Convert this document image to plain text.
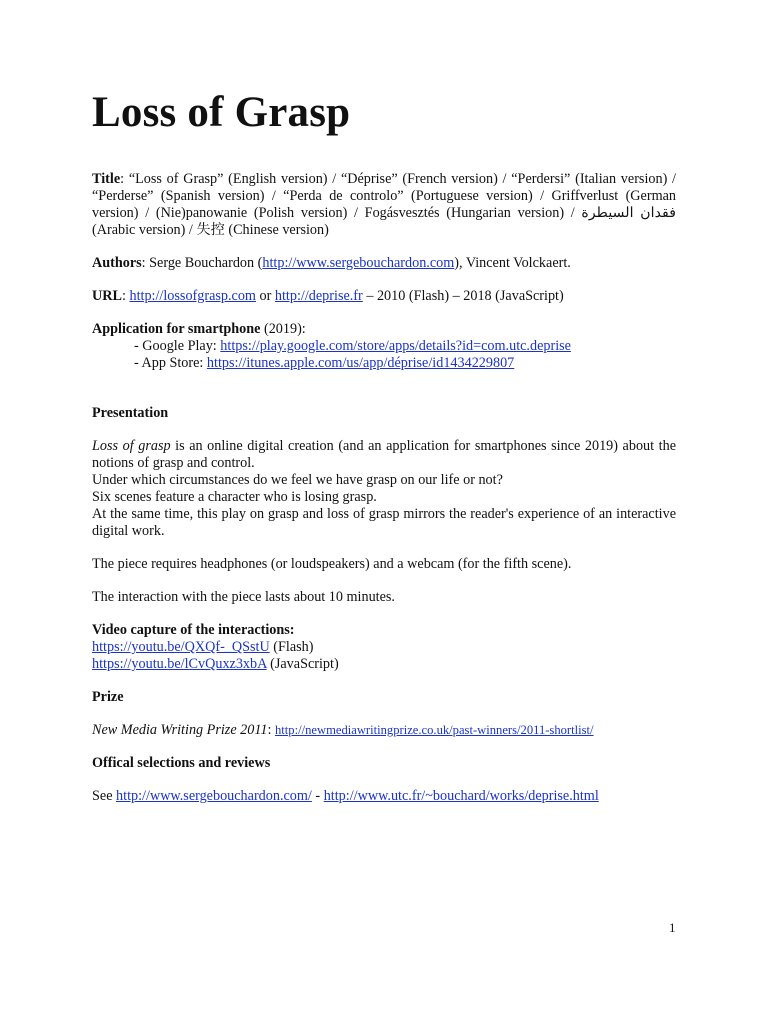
Loss of Grasp

Title: “Loss of Grasp” (English version) / “Déprise” (French version) / “Perdersi” (Italian version) / “Perderse” (Spanish version) / “Perda de controlo” (Portuguese version) / Griffverlust (German version) / (Nie)panowanie (Polish version) / Fogásvesztés (Hungarian version) / فقدان السيطرة (Arabic version) / 失控 (Chinese version)

Authors: Serge Bouchardon (http://www.sergebouchardon.com), Vincent Volckaert.

URL: http://lossofgrasp.com or http://deprise.fr – 2010 (Flash) – 2018 (JavaScript)

Application for smartphone (2019):

- Google Play: https://play.google.com/store/apps/details?id=com.utc.deprise

- App Store: https://itunes.apple.com/us/app/déprise/id1434229807

Presentation

Loss of grasp is an online digital creation (and an application for smartphones since 2019) about the notions of grasp and control.
Under which circumstances do we feel we have grasp on our life or not?
Six scenes feature a character who is losing grasp.
At the same time, this play on grasp and loss of grasp mirrors the reader's experience of an interactive digital work.

The piece requires headphones (or loudspeakers) and a webcam (for the fifth scene).

The interaction with the piece lasts about 10 minutes.

Video capture of the interactions:

https://youtu.be/QXQf-_QSstU (Flash)

https://youtu.be/lCvQuxz3xbA (JavaScript)

Prize

New Media Writing Prize 2011: http://newmediawritingprize.co.uk/past-winners/2011-shortlist/

Offical selections and reviews

See http://www.sergebouchardon.com/ - http://www.utc.fr/~bouchard/works/deprise.html

1
